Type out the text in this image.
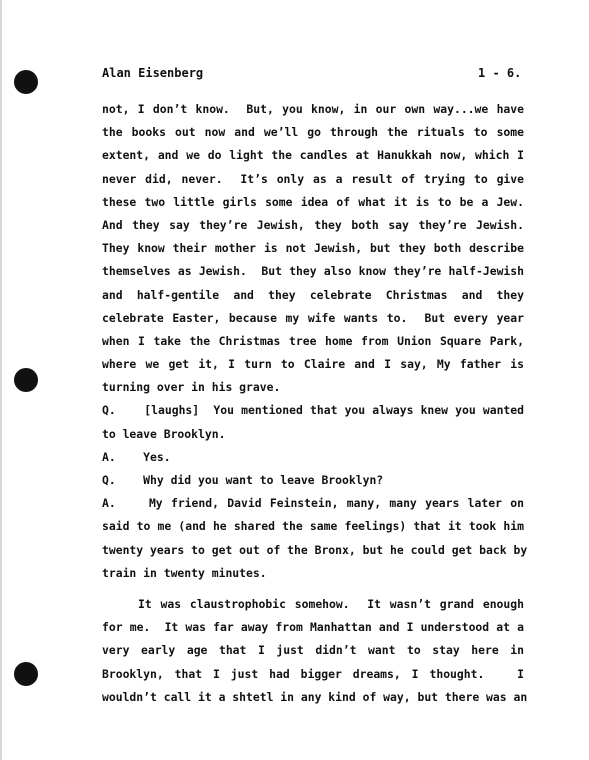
Alan Eisenberg	1 - 6.
not, I don’t know.  But, you know, in our own way...we have
the books out now and we’ll go through the rituals to some
extent, and we do light the candles at Hanukkah now, which I
never did, never.  It’s only as a result of trying to give
these two little girls some idea of what it is to be a Jew.
And they say they’re Jewish, they both say they’re Jewish.
They know their mother is not Jewish, but they both describe
themselves as Jewish.  But they also know they’re half-Jewish
and half-gentile and they celebrate Christmas and they
celebrate Easter, because my wife wants to.  But every year
when I take the Christmas tree home from Union Square Park,
where we get it, I turn to Claire and I say, My father is
turning over in his grave.
Q.    [laughs]  You mentioned that you always knew you wanted
to leave Brooklyn.
A.    Yes.
Q.    Why did you want to leave Brooklyn?
A.    My friend, David Feinstein, many, many years later on
said to me (and he shared the same feelings) that it took him
twenty years to get out of the Bronx, but he could get back by
train in twenty minutes.
It was claustrophobic somehow.  It wasn’t grand enough
for me.  It was far away from Manhattan and I understood at a
very early age that I just didn’t want to stay here in
Brooklyn, that I just had bigger dreams, I thought.   I
wouldn’t call it a shtetl in any kind of way, but there was an
